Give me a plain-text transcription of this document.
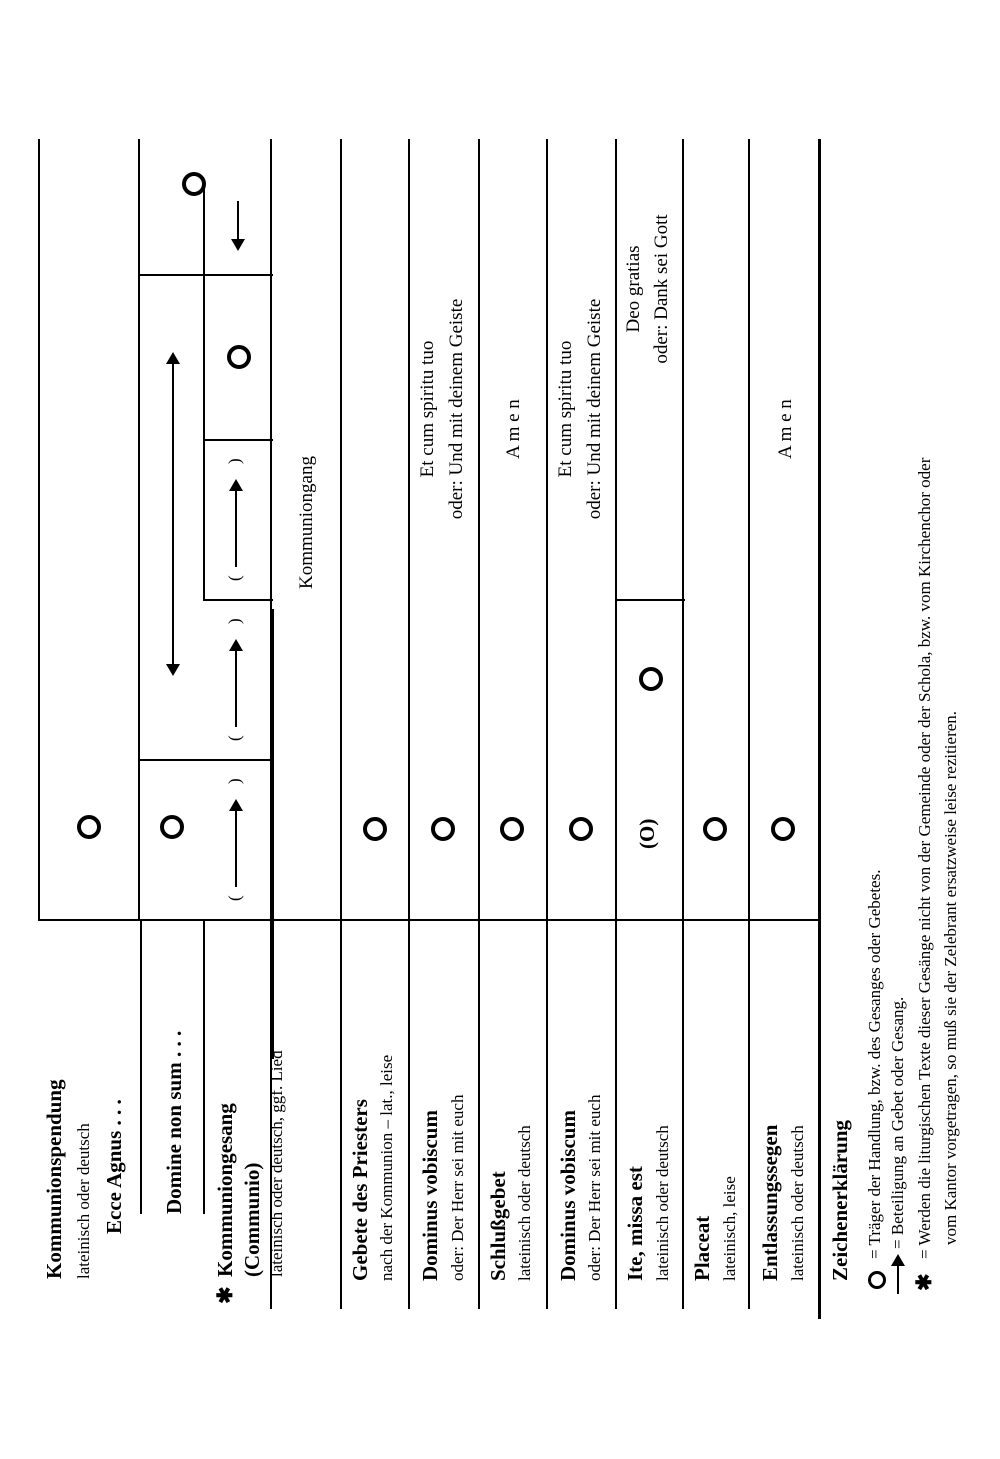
Kommunionspendung lateinisch oder deutsch Ecce Agnus . . . Domine non sum . . .
✱
Kommuniongesang (Communio) lateinisch oder deutsch, ggf. Lied
(
)
(
)
(
)	Kommuniongang
Gebete des Priesters nach der Kommunion – lat., leise Dominus vobiscum oder: Der Herr sei mit euch
Et cum spiritu tuo oder: Und mit deinem Geiste
Schlußgebet lateinisch oder deutsch
A m e n
Dominus vobiscum oder: Der Herr sei mit euch
Et cum spiritu tuo oder: Und mit deinem Geiste
Ite, missa est lateinisch oder deutsch
(O)
Deo gratias oder: Dank sei Gott
Placeat lateinisch, leise Entlassungssegen lateinisch oder deutsch
A m e n
Zeichenerklärung = Träger der Handlung, bzw. des Gesanges oder Gebetes. = Beteiligung an Gebet oder Gesang.
✱
= Werden die liturgischen Texte dieser Gesänge nicht von der Gemeinde oder der Schola, bzw. vom Kirchenchor oder vom Kantor vorgetragen, so muß sie der Zelebrant ersatzweise leise rezitieren.
